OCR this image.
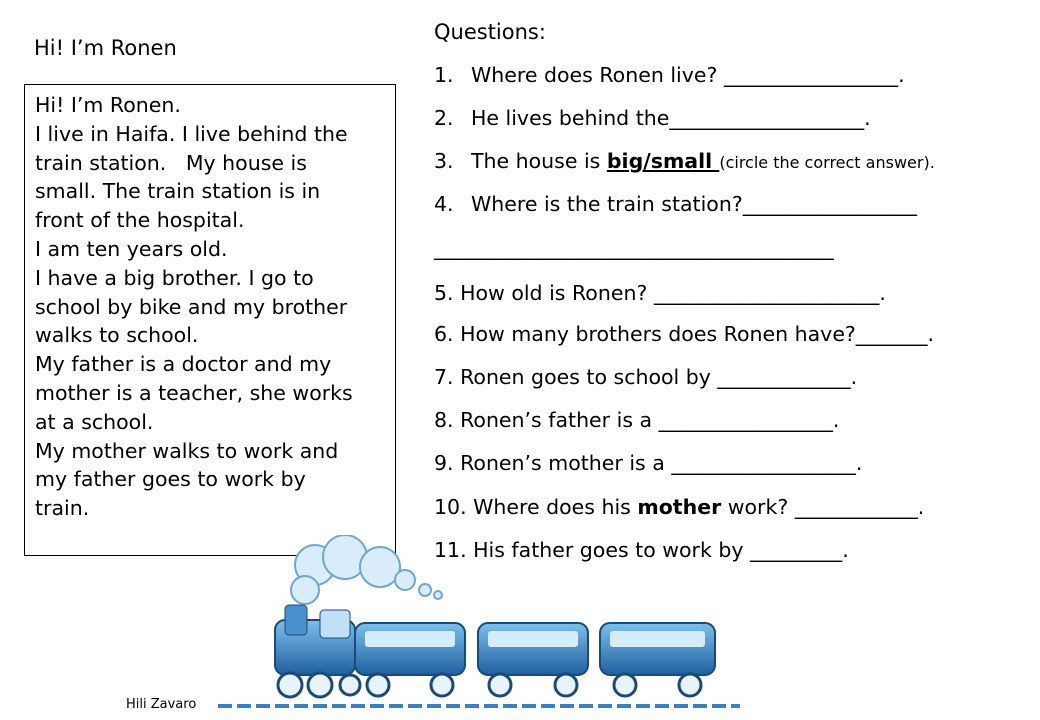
Hi! I’m Ronen
Hi! I’m Ronen.
I live in Haifa. I live behind the
train station.   My house is
small. The train station is in
front of the hospital.
I am ten years old.
I have a big brother. I go to
school by bike and my brother
walks to school.
My father is a doctor and my
mother is a teacher, she works
at a school.
My mother walks to work and
my father goes to work by
train.
Questions:
1. Where does Ronen live? _________________.
2. He lives behind the___________________.
3. The house is big/small (circle the correct answer).
4. Where is the train station?_________________
_______________________________________
5. How old is Ronen? ______________________.
6. How many brothers does Ronen have?_______.
7. Ronen goes to school by _____________.
8. Ronen’s father is a _________________.
9. Ronen’s mother is a __________________.
10. Where does his mother work? ____________.
11. His father goes to work by _________.
Hili Zavaro
